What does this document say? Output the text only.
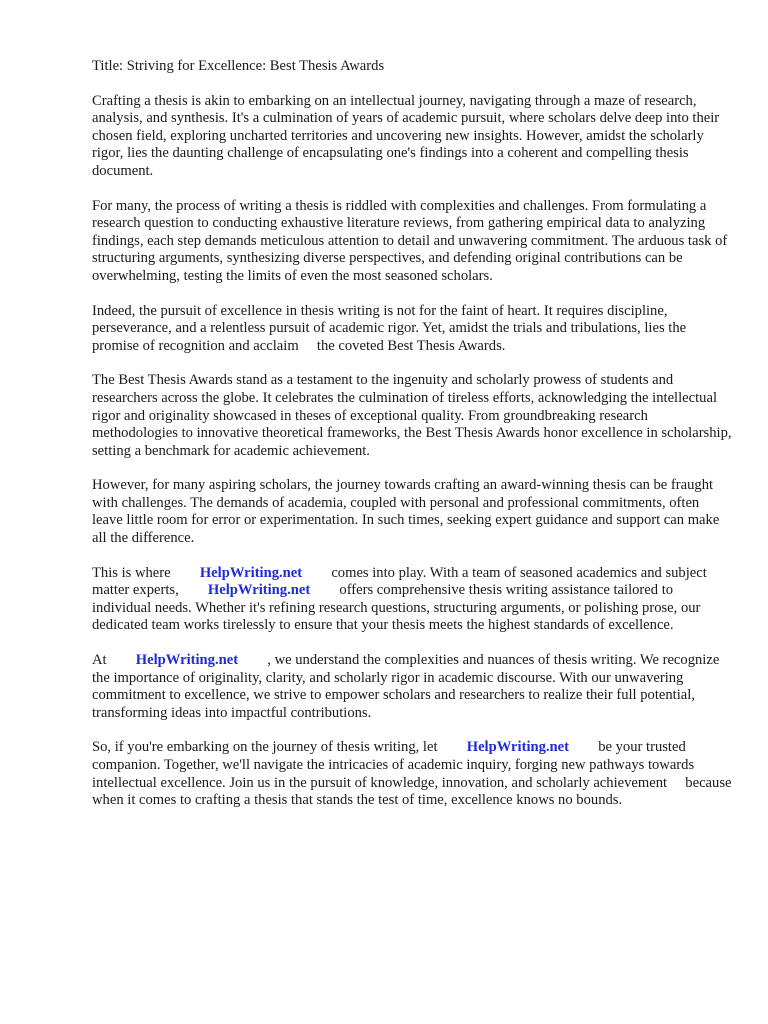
Title: Striving for Excellence: Best Thesis Awards

Crafting a thesis is akin to embarking on an intellectual journey, navigating through a maze of research, analysis, and synthesis. It's a culmination of years of academic pursuit, where scholars delve deep into their chosen field, exploring uncharted territories and uncovering new insights. However, amidst the scholarly rigor, lies the daunting challenge of encapsulating one's findings into a coherent and compelling thesis document.

For many, the process of writing a thesis is riddled with complexities and challenges. From formulating a research question to conducting exhaustive literature reviews, from gathering empirical data to analyzing findings, each step demands meticulous attention to detail and unwavering commitment. The arduous task of structuring arguments, synthesizing diverse perspectives, and defending original contributions can be overwhelming, testing the limits of even the most seasoned scholars.

Indeed, the pursuit of excellence in thesis writing is not for the faint of heart. It requires discipline, perseverance, and a relentless pursuit of academic rigor. Yet, amidst the trials and tribulations, lies the promise of recognition and acclaim  the coveted Best Thesis Awards.

The Best Thesis Awards stand as a testament to the ingenuity and scholarly prowess of students and researchers across the globe. It celebrates the culmination of tireless efforts, acknowledging the intellectual rigor and originality showcased in theses of exceptional quality. From groundbreaking research methodologies to innovative theoretical frameworks, the Best Thesis Awards honor excellence in scholarship, setting a benchmark for academic achievement.

However, for many aspiring scholars, the journey towards crafting an award-winning thesis can be fraught with challenges. The demands of academia, coupled with personal and professional commitments, often leave little room for error or experimentation. In such times, seeking expert guidance and support can make all the difference.

This is where  HelpWriting.net  comes into play. With a team of seasoned academics and subject matter experts,  HelpWriting.net  offers comprehensive thesis writing assistance tailored to individual needs. Whether it's refining research questions, structuring arguments, or polishing prose, our dedicated team works tirelessly to ensure that your thesis meets the highest standards of excellence.

At  HelpWriting.net  , we understand the complexities and nuances of thesis writing. We recognize the importance of originality, clarity, and scholarly rigor in academic discourse. With our unwavering commitment to excellence, we strive to empower scholars and researchers to realize their full potential, transforming ideas into impactful contributions.

So, if you're embarking on the journey of thesis writing, let  HelpWriting.net  be your trusted companion. Together, we'll navigate the intricacies of academic inquiry, forging new pathways towards intellectual excellence. Join us in the pursuit of knowledge, innovation, and scholarly achievement  because when it comes to crafting a thesis that stands the test of time, excellence knows no bounds.
